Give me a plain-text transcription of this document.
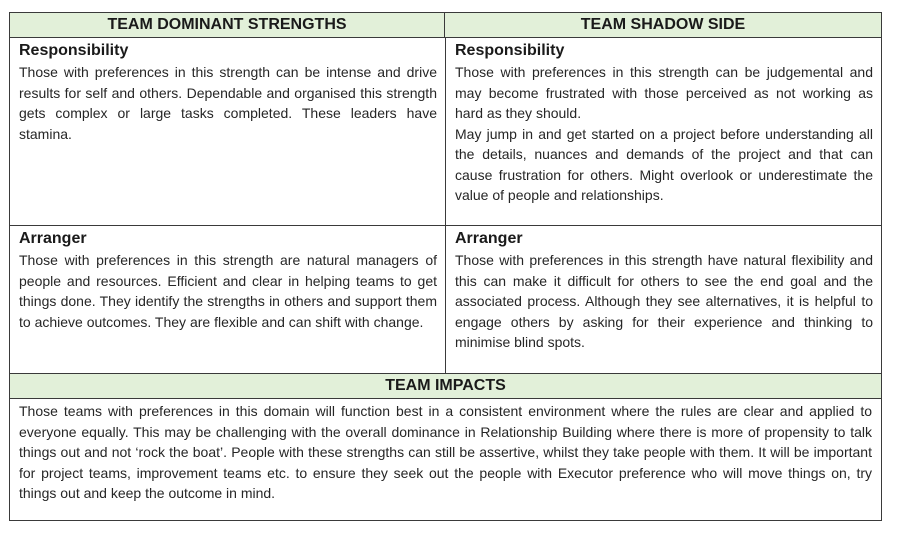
TEAM DOMINANT STRENGTHS	TEAM SHADOW SIDE
Responsibility

Those with preferences in this strength can be intense and drive results for self and others. Dependable and organised this strength gets complex or large tasks completed. These leaders have stamina.

Responsibility

Those with preferences in this strength can be judgemental and may become frustrated with those perceived as not working as hard as they should.

May jump in and get started on a project before understanding all the details, nuances and demands of the project and that can cause frustration for others. Might overlook or underestimate the value of people and relationships.

Arranger

Those with preferences in this strength are natural managers of people and resources. Efficient and clear in helping teams to get things done. They identify the strengths in others and support them to achieve outcomes. They are flexible and can shift with change.

Arranger

Those with preferences in this strength have natural flexibility and this can make it difficult for others to see the end goal and the associated process. Although they see alternatives, it is helpful to engage others by asking for their experience and thinking to minimise blind spots.

TEAM IMPACTS

Those teams with preferences in this domain will function best in a consistent environment where the rules are clear and applied to everyone equally. This may be challenging with the overall dominance in Relationship Building where there is more of propensity to talk things out and not ‘rock the boat’. People with these strengths can still be assertive, whilst they take people with them. It will be important for project teams, improvement teams etc. to ensure they seek out the people with Executor preference who will move things on, try things out and keep the outcome in mind.
